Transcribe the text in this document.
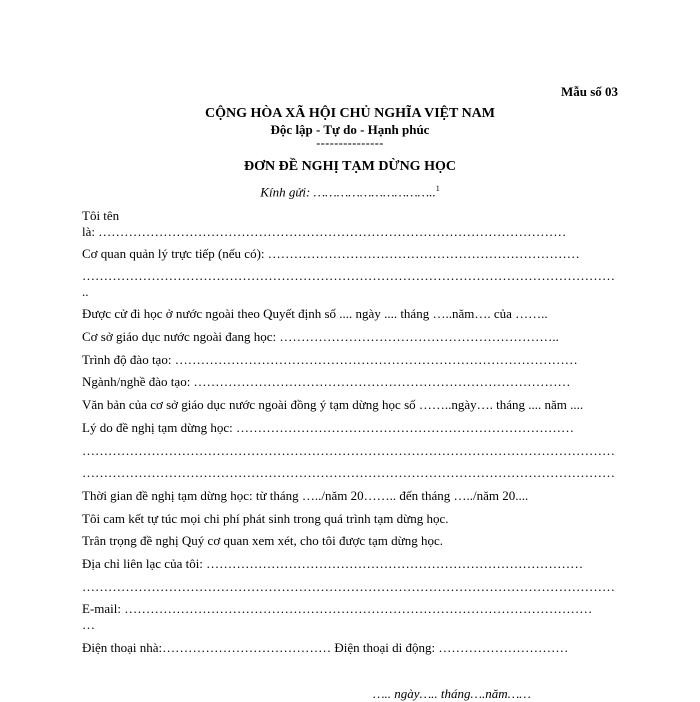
Mẫu số 03
CỘNG HÒA XÃ HỘI CHỦ NGHĨA VIỆT NAM
Độc lập - Tự do - Hạnh phúc
---------------
ĐƠN ĐỀ NGHỊ TẠM DỪNG HỌC
Kính gửi: …………………………..$^1$
Tôi tên
là: ………………………………………………………………………………………………
Cơ quan quản lý trực tiếp (nếu có): ………………………………………………………………
……………………………………………………………………………………………………………
..
Được cử đi học ở nước ngoài theo Quyết định số .... ngày .... tháng …..năm…. của ……..
Cơ sở giáo dục nước ngoài đang học: ………………………………………………………..
Trình độ đào tạo: …………………………………………………………………………………
Ngành/nghề đào tạo: ……………………………………………………………………………
Văn bản của cơ sở giáo dục nước ngoài đồng ý tạm dừng học số ……..ngày…. tháng .... năm ....
Lý do đề nghị tạm dừng học: ……………………………………………………………………
……………………………………………………………………………………………………………
……………………………………………………………………………………………………………
Thời gian đề nghị tạm dừng học: từ tháng …../năm 20…….. đến tháng …../năm 20....
Tôi cam kết tự túc mọi chi phí phát sinh trong quá trình tạm dừng học.
Trân trọng đề nghị Quý cơ quan xem xét, cho tôi được tạm dừng học.
Địa chỉ liên lạc của tôi: ……………………………………………………………………………
……………………………………………………………………………………………………………
E-mail: ………………………………………………………………………………………………
…
Điện thoại nhà:………………………………… Điện thoại di động: …………………………
….. ngày….. tháng….năm……
